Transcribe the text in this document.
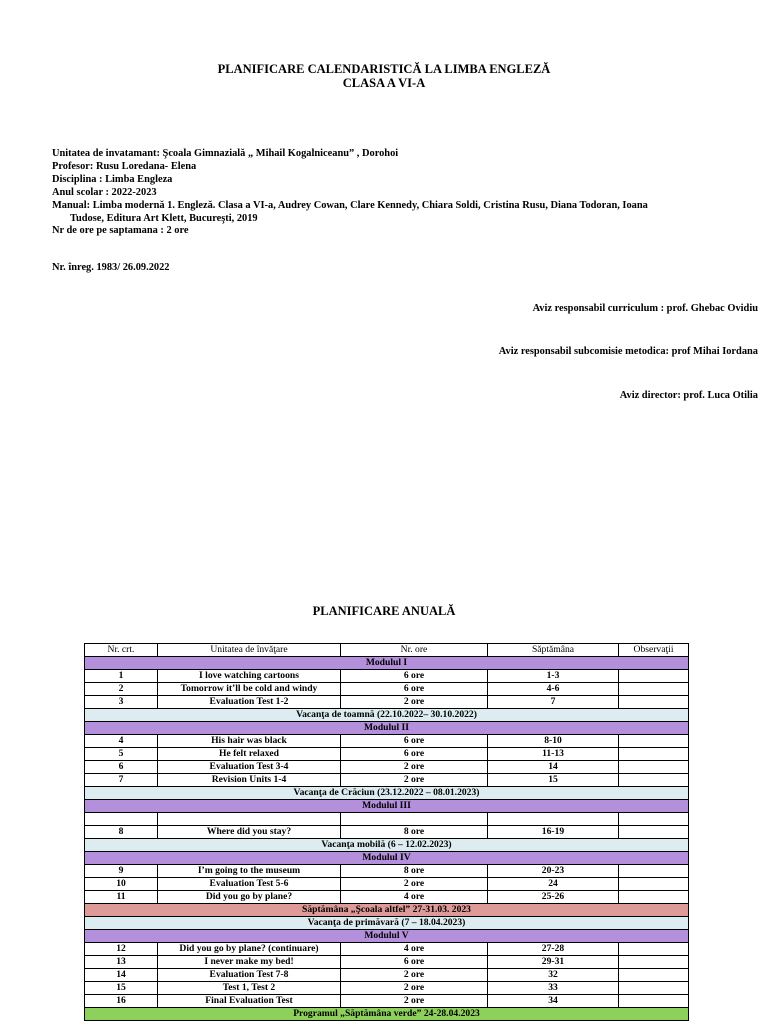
PLANIFICARE CALENDARISTICĂ LA LIMBA ENGLEZĂ
CLASA A VI-A
Unitatea de invatamant: Şcoala Gimnazială „ Mihail Kogalniceanu” , Dorohoi
Profesor: Rusu Loredana- Elena
Disciplina : Limba Engleza
Anul scolar : 2022-2023
Manual: Limba modernă 1. Engleză. Clasa a VI-a, Audrey Cowan, Clare Kennedy, Chiara Soldi, Cristina Rusu, Diana Todoran, Ioana
Tudose, Editura Art Klett, Bucureşti, 2019
Nr de ore pe saptamana : 2 ore
Nr. înreg. 1983/ 26.09.2022
Aviz responsabil curriculum : prof. Ghebac Ovidiu
Aviz responsabil subcomisie metodica: prof Mihai Iordana
Aviz director: prof. Luca Otilia
PLANIFICARE ANUALĂ
Nr. crt.	Unitatea de învăţare	Nr. ore	Săptămâna	Observaţii
Modulul I				
1	I love watching cartoons	6 ore	1-3	
2	Tomorrow it’ll be cold and windy	6 ore	4-6	
3	Evaluation Test 1-2	2 ore	7	
Vacanţa de toamnă (22.10.2022– 30.10.2022)				
Modulul II				
4	His hair was black	6 ore	8-10	
5	He felt relaxed	6 ore	11-13	
6	Evaluation Test 3-4	2 ore	14	
7	Revision Units 1-4	2 ore	15	
Vacanţa de Crăciun (23.12.2022 – 08.01.2023)				
Modulul III				

8	Where did you stay?	8 ore	16-19	
Vacanţa mobilă (6 – 12.02.2023)				
Modulul IV				
9	I’m going to the museum	8 ore	20-23	
10	Evaluation Test 5-6	2 ore	24	
11	Did you go by plane?	4 ore	25-26	
Săptămâna „Şcoala altfel” 27-31.03. 2023				
Vacanţa de primăvară (7 – 18.04.2023)				
Modulul V				
12	Did you go by plane? (continuare)	4 ore	27-28	
13	I never make my bed!	6 ore	29-31	
14	Evaluation Test 7-8	2 ore	32	
15	Test 1, Test 2	2 ore	33	
16	Final Evaluation Test	2 ore	34	
Programul „Săptămâna verde” 24-28.04.2023				
